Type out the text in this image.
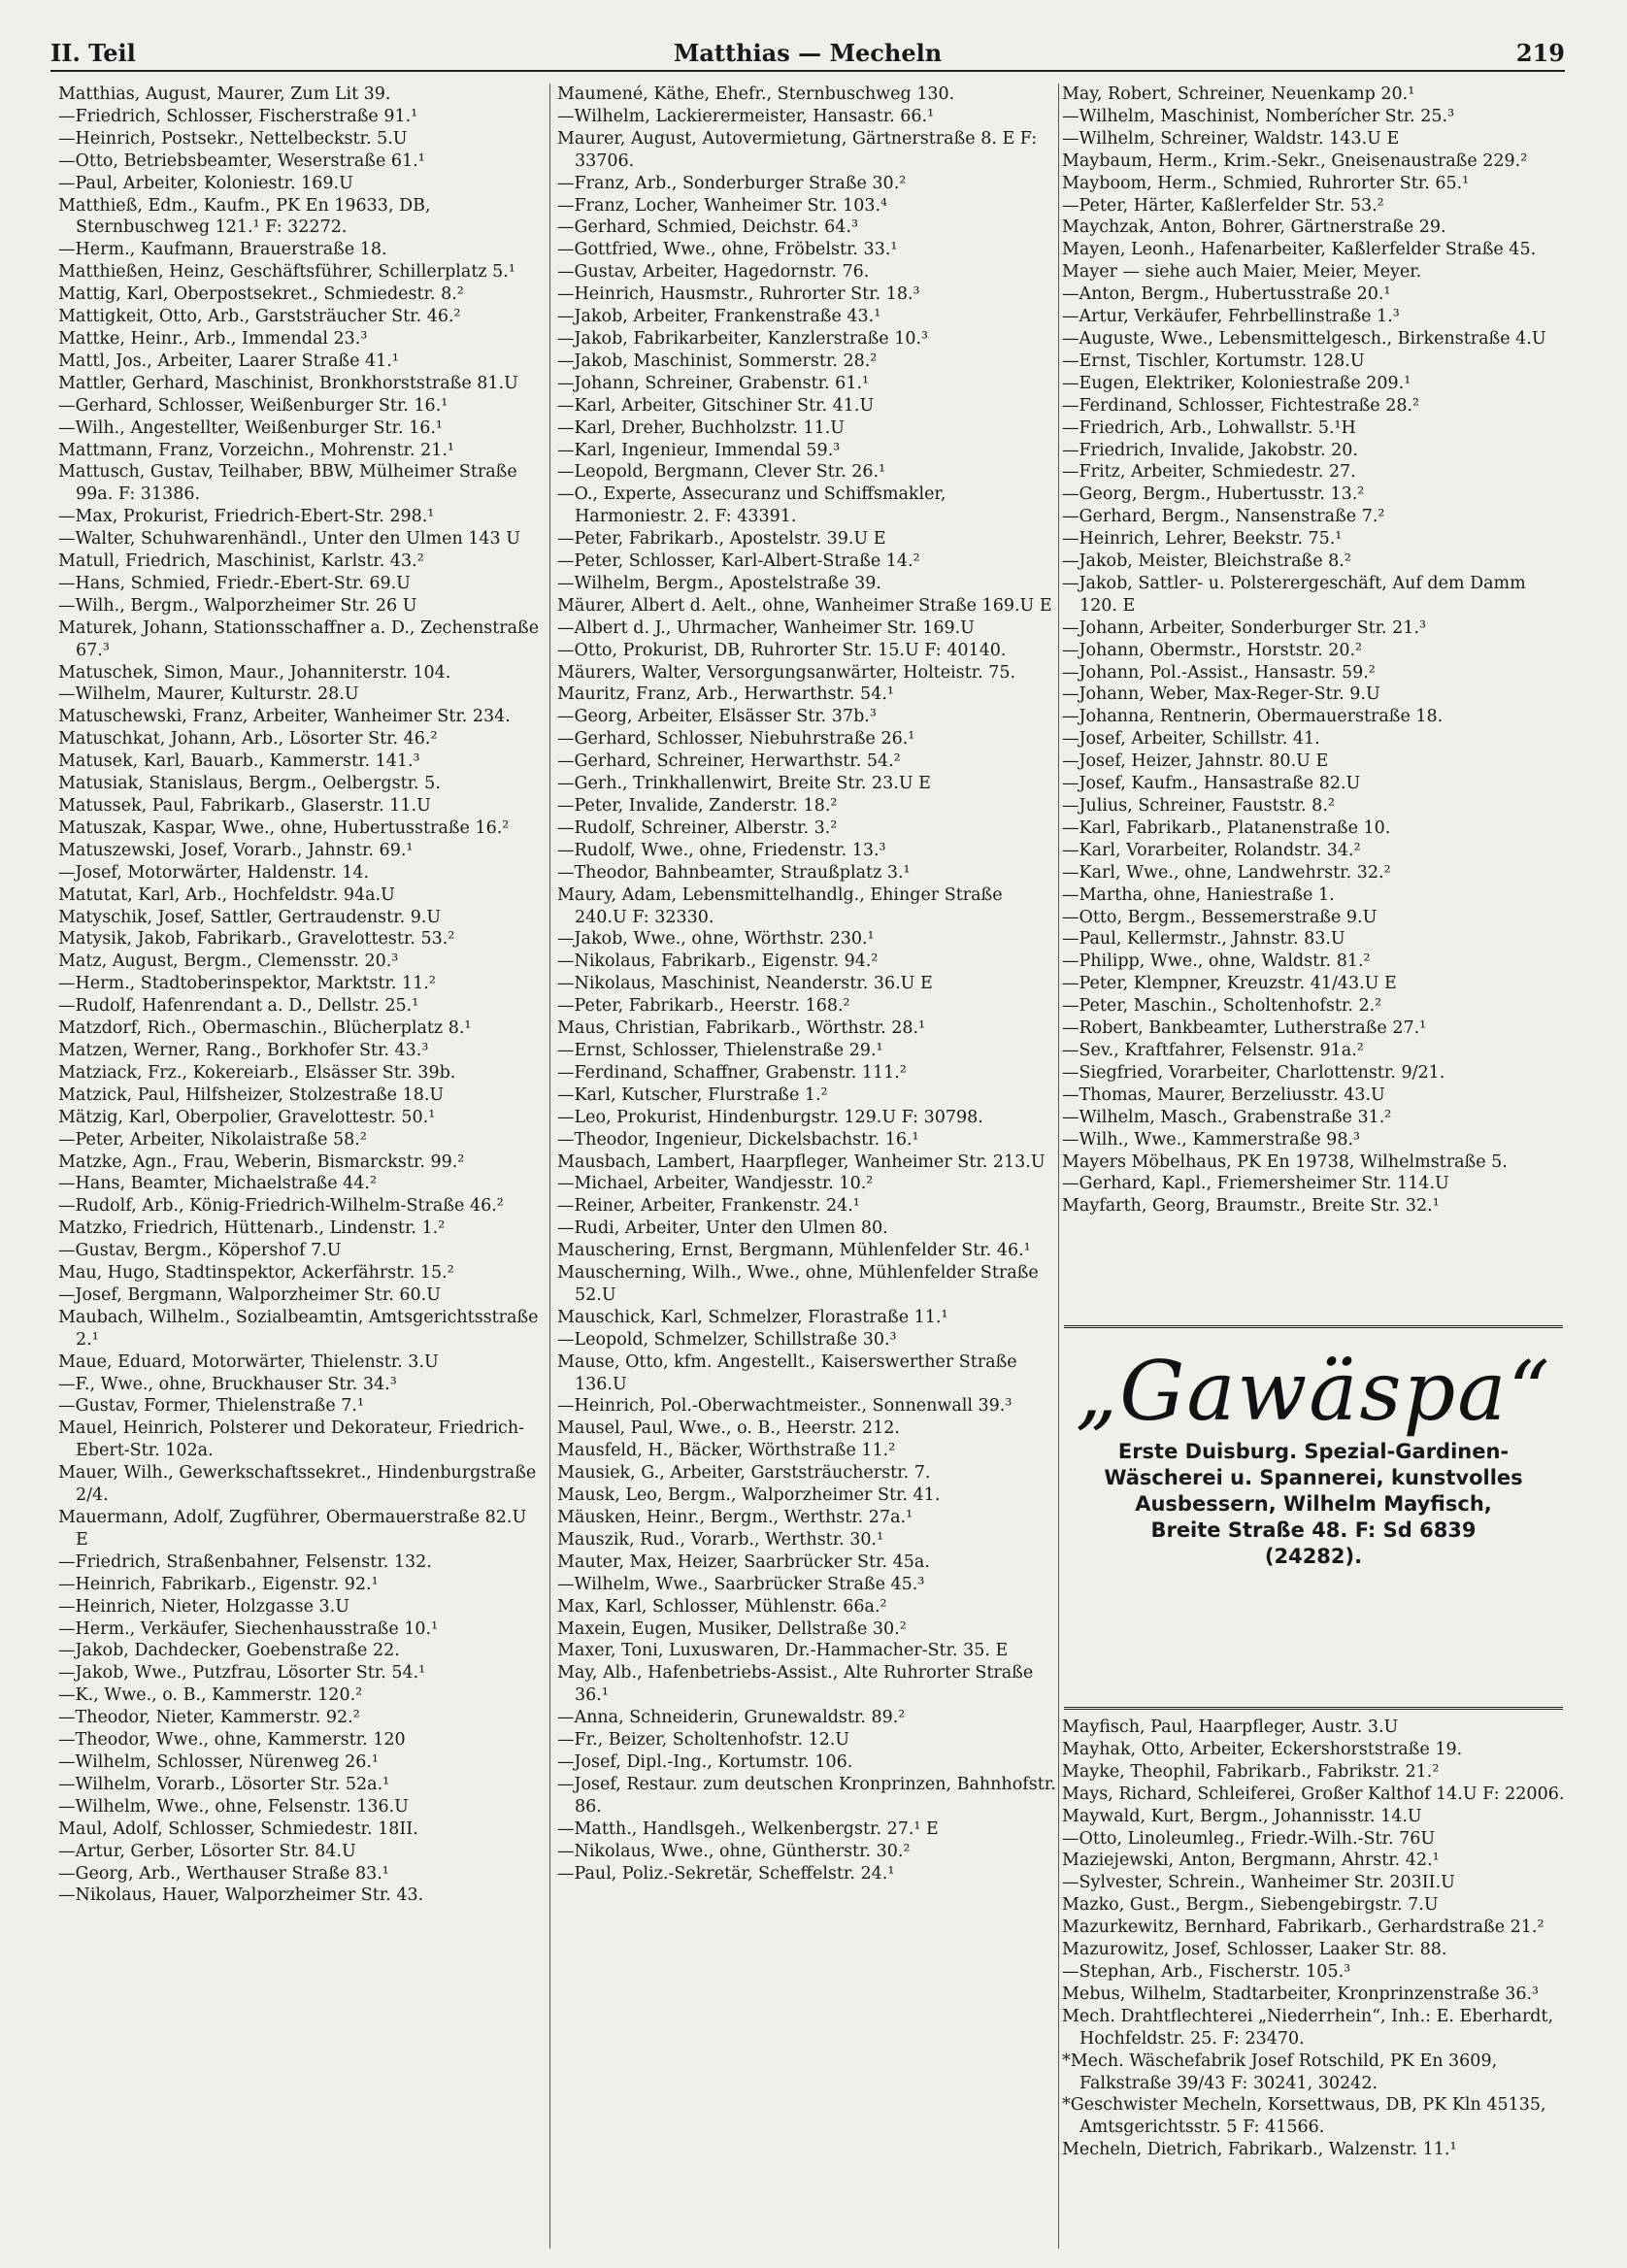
II. Teil	Matthias — Mecheln	219

Matthias, August, Maurer, Zum Lit 39.

—Friedrich, Schlosser, Fischerstraße 91.¹

—Heinrich, Postsekr., Nettelbeckstr. 5.U

—Otto, Betriebsbeamter, Weserstraße 61.¹

—Paul, Arbeiter, Koloniestr. 169.U

Matthieß, Edm., Kaufm., PK En 19633, DB, Sternbuschweg 121.¹ F: 32272.

—Herm., Kaufmann, Brauerstraße 18.

Matthießen, Heinz, Geschäftsführer, Schillerplatz 5.¹

Mattig, Karl, Oberpostsekret., Schmiedestr. 8.²

Mattigkeit, Otto, Arb., Garststräucher Str. 46.²

Mattke, Heinr., Arb., Immendal 23.³

Mattl, Jos., Arbeiter, Laarer Straße 41.¹

Mattler, Gerhard, Maschinist, Bronkhorststraße 81.U

—Gerhard, Schlosser, Weißenburger Str. 16.¹

—Wilh., Angestellter, Weißenburger Str. 16.¹

Mattmann, Franz, Vorzeichn., Mohrenstr. 21.¹

Mattusch, Gustav, Teilhaber, BBW, Mülheimer Straße 99a. F: 31386.

—Max, Prokurist, Friedrich-Ebert-Str. 298.¹

—Walter, Schuhwarenhändl., Unter den Ulmen 143 U

Matull, Friedrich, Maschinist, Karlstr. 43.²

—Hans, Schmied, Friedr.-Ebert-Str. 69.U

—Wilh., Bergm., Walporzheimer Str. 26 U

Maturek, Johann, Stationsschaffner a. D., Zechenstraße 67.³

Matuschek, Simon, Maur., Johanniterstr. 104.

—Wilhelm, Maurer, Kulturstr. 28.U

Matuschewski, Franz, Arbeiter, Wanheimer Str. 234.

Matuschkat, Johann, Arb., Lösorter Str. 46.²

Matusek, Karl, Bauarb., Kammerstr. 141.³

Matusiak, Stanislaus, Bergm., Oelbergstr. 5.

Matussek, Paul, Fabrikarb., Glaserstr. 11.U

Matuszak, Kaspar, Wwe., ohne, Hubertusstraße 16.²

Matuszewski, Josef, Vorarb., Jahnstr. 69.¹

—Josef, Motorwärter, Haldenstr. 14.

Matutat, Karl, Arb., Hochfeldstr. 94a.U

Matyschik, Josef, Sattler, Gertraudenstr. 9.U

Matysik, Jakob, Fabrikarb., Gravelottestr. 53.²

Matz, August, Bergm., Clemensstr. 20.³

—Herm., Stadtoberinspektor, Marktstr. 11.²

—Rudolf, Hafenrendant a. D., Dellstr. 25.¹

Matzdorf, Rich., Obermaschin., Blücherplatz 8.¹

Matzen, Werner, Rang., Borkhofer Str. 43.³

Matziack, Frz., Kokereiarb., Elsässer Str. 39b.

Matzick, Paul, Hilfsheizer, Stolzestraße 18.U

Mätzig, Karl, Oberpolier, Gravelottestr. 50.¹

—Peter, Arbeiter, Nikolaistraße 58.²

Matzke, Agn., Frau, Weberin, Bismarckstr. 99.²

—Hans, Beamter, Michaelstraße 44.²

—Rudolf, Arb., König-Friedrich-Wilhelm-Straße 46.²

Matzko, Friedrich, Hüttenarb., Lindenstr. 1.²

—Gustav, Bergm., Köpershof 7.U

Mau, Hugo, Stadtinspektor, Ackerfährstr. 15.²

—Josef, Bergmann, Walporzheimer Str. 60.U

Maubach, Wilhelm., Sozialbeamtin, Amtsgerichtsstraße 2.¹

Maue, Eduard, Motorwärter, Thielenstr. 3.U

—F., Wwe., ohne, Bruckhauser Str. 34.³

—Gustav, Former, Thielenstraße 7.¹

Mauel, Heinrich, Polsterer und Dekorateur, Friedrich-Ebert-Str. 102a.

Mauer, Wilh., Gewerkschaftssekret., Hindenburgstraße 2/4.

Mauermann, Adolf, Zugführer, Obermauerstraße 82.U E

—Friedrich, Straßenbahner, Felsenstr. 132.

—Heinrich, Fabrikarb., Eigenstr. 92.¹

—Heinrich, Nieter, Holzgasse 3.U

—Herm., Verkäufer, Siechenhausstraße 10.¹

—Jakob, Dachdecker, Goebenstraße 22.

—Jakob, Wwe., Putzfrau, Lösorter Str. 54.¹

—K., Wwe., o. B., Kammerstr. 120.²

—Theodor, Nieter, Kammerstr. 92.²

—Theodor, Wwe., ohne, Kammerstr. 120

—Wilhelm, Schlosser, Nürenweg 26.¹

—Wilhelm, Vorarb., Lösorter Str. 52a.¹

—Wilhelm, Wwe., ohne, Felsenstr. 136.U

Maul, Adolf, Schlosser, Schmiedestr. 18II.

—Artur, Gerber, Lösorter Str. 84.U

—Georg, Arb., Werthauser Straße 83.¹

—Nikolaus, Hauer, Walporzheimer Str. 43.

Maumené, Käthe, Ehefr., Sternbuschweg 130.

—Wilhelm, Lackierermeister, Hansastr. 66.¹

Maurer, August, Autovermietung, Gärtnerstraße 8. E F: 33706.

—Franz, Arb., Sonderburger Straße 30.²

—Franz, Locher, Wanheimer Str. 103.⁴

—Gerhard, Schmied, Deichstr. 64.³

—Gottfried, Wwe., ohne, Fröbelstr. 33.¹

—Gustav, Arbeiter, Hagedornstr. 76.

—Heinrich, Hausmstr., Ruhrorter Str. 18.³

—Jakob, Arbeiter, Frankenstraße 43.¹

—Jakob, Fabrikarbeiter, Kanzlerstraße 10.³

—Jakob, Maschinist, Sommerstr. 28.²

—Johann, Schreiner, Grabenstr. 61.¹

—Karl, Arbeiter, Gitschiner Str. 41.U

—Karl, Dreher, Buchholzstr. 11.U

—Karl, Ingenieur, Immendal 59.³

—Leopold, Bergmann, Clever Str. 26.¹

—O., Experte, Assecuranz und Schiffsmakler, Harmoniestr. 2. F: 43391.

—Peter, Fabrikarb., Apostelstr. 39.U E

—Peter, Schlosser, Karl-Albert-Straße 14.²

—Wilhelm, Bergm., Apostelstraße 39.

Mäurer, Albert d. Aelt., ohne, Wanheimer Straße 169.U E

—Albert d. J., Uhrmacher, Wanheimer Str. 169.U

—Otto, Prokurist, DB, Ruhrorter Str. 15.U F: 40140.

Mäurers, Walter, Versorgungsanwärter, Holteistr. 75.

Mauritz, Franz, Arb., Herwarthstr. 54.¹

—Georg, Arbeiter, Elsässer Str. 37b.³

—Gerhard, Schlosser, Niebuhrstraße 26.¹

—Gerhard, Schreiner, Herwarthstr. 54.²

—Gerh., Trinkhallenwirt, Breite Str. 23.U E

—Peter, Invalide, Zanderstr. 18.²

—Rudolf, Schreiner, Alberstr. 3.²

—Rudolf, Wwe., ohne, Friedenstr. 13.³

—Theodor, Bahnbeamter, Straußplatz 3.¹

Maury, Adam, Lebensmittelhandlg., Ehinger Straße 240.U F: 32330.

—Jakob, Wwe., ohne, Wörthstr. 230.¹

—Nikolaus, Fabrikarb., Eigenstr. 94.²

—Nikolaus, Maschinist, Neanderstr. 36.U E

—Peter, Fabrikarb., Heerstr. 168.²

Maus, Christian, Fabrikarb., Wörthstr. 28.¹

—Ernst, Schlosser, Thielenstraße 29.¹

—Ferdinand, Schaffner, Grabenstr. 111.²

—Karl, Kutscher, Flurstraße 1.²

—Leo, Prokurist, Hindenburgstr. 129.U F: 30798.

—Theodor, Ingenieur, Dickelsbachstr. 16.¹

Mausbach, Lambert, Haarpfleger, Wanheimer Str. 213.U

—Michael, Arbeiter, Wandjesstr. 10.²

—Reiner, Arbeiter, Frankenstr. 24.¹

—Rudi, Arbeiter, Unter den Ulmen 80.

Mauschering, Ernst, Bergmann, Mühlenfelder Str. 46.¹

Mauscherning, Wilh., Wwe., ohne, Mühlenfelder Straße 52.U

Mauschick, Karl, Schmelzer, Florastraße 11.¹

—Leopold, Schmelzer, Schillstraße 30.³

Mause, Otto, kfm. Angestellt., Kaiserswerther Straße 136.U

—Heinrich, Pol.-Oberwachtmeister., Sonnenwall 39.³

Mausel, Paul, Wwe., o. B., Heerstr. 212.

Mausfeld, H., Bäcker, Wörthstraße 11.²

Mausiek, G., Arbeiter, Garststräucherstr. 7.

Mausk, Leo, Bergm., Walporzheimer Str. 41.

Mäusken, Heinr., Bergm., Werthstr. 27a.¹

Mauszik, Rud., Vorarb., Werthstr. 30.¹

Mauter, Max, Heizer, Saarbrücker Str. 45a.

—Wilhelm, Wwe., Saarbrücker Straße 45.³

Max, Karl, Schlosser, Mühlenstr. 66a.²

Maxein, Eugen, Musiker, Dellstraße 30.²

Maxer, Toni, Luxuswaren, Dr.-Hammacher-Str. 35. E

May, Alb., Hafenbetriebs-Assist., Alte Ruhrorter Straße 36.¹

—Anna, Schneiderin, Grunewaldstr. 89.²

—Fr., Beizer, Scholtenhofstr. 12.U

—Josef, Dipl.-Ing., Kortumstr. 106.

—Josef, Restaur. zum deutschen Kronprinzen, Bahnhofstr. 86.

—Matth., Handlsgeh., Welkenbergstr. 27.¹ E

—Nikolaus, Wwe., ohne, Güntherstr. 30.²

—Paul, Poliz.-Sekretär, Scheffelstr. 24.¹

May, Robert, Schreiner, Neuenkamp 20.¹

—Wilhelm, Maschinist, Nomberícher Str. 25.³

—Wilhelm, Schreiner, Waldstr. 143.U E

Maybaum, Herm., Krim.-Sekr., Gneisenaustraße 229.²

Mayboom, Herm., Schmied, Ruhrorter Str. 65.¹

—Peter, Härter, Kaßlerfelder Str. 53.²

Maychzak, Anton, Bohrer, Gärtnerstraße 29.

Mayen, Leonh., Hafenarbeiter, Kaßlerfelder Straße 45.

Mayer — siehe auch Maier, Meier, Meyer.

—Anton, Bergm., Hubertusstraße 20.¹

—Artur, Verkäufer, Fehrbellinstraße 1.³

—Auguste, Wwe., Lebensmittelgesch., Birkenstraße 4.U

—Ernst, Tischler, Kortumstr. 128.U

—Eugen, Elektriker, Koloniestraße 209.¹

—Ferdinand, Schlosser, Fichtestraße 28.²

—Friedrich, Arb., Lohwallstr. 5.¹H

—Friedrich, Invalide, Jakobstr. 20.

—Fritz, Arbeiter, Schmiedestr. 27.

—Georg, Bergm., Hubertusstr. 13.²

—Gerhard, Bergm., Nansenstraße 7.²

—Heinrich, Lehrer, Beekstr. 75.¹

—Jakob, Meister, Bleichstraße 8.²

—Jakob, Sattler- u. Polsterergeschäft, Auf dem Damm 120. E

—Johann, Arbeiter, Sonderburger Str. 21.³

—Johann, Obermstr., Horststr. 20.²

—Johann, Pol.-Assist., Hansastr. 59.²

—Johann, Weber, Max-Reger-Str. 9.U

—Johanna, Rentnerin, Obermauerstraße 18.

—Josef, Arbeiter, Schillstr. 41.

—Josef, Heizer, Jahnstr. 80.U E

—Josef, Kaufm., Hansastraße 82.U

—Julius, Schreiner, Fauststr. 8.²

—Karl, Fabrikarb., Platanenstraße 10.

—Karl, Vorarbeiter, Rolandstr. 34.²

—Karl, Wwe., ohne, Landwehrstr. 32.²

—Martha, ohne, Haniestraße 1.

—Otto, Bergm., Bessemerstraße 9.U

—Paul, Kellermstr., Jahnstr. 83.U

—Philipp, Wwe., ohne, Waldstr. 81.²

—Peter, Klempner, Kreuzstr. 41/43.U E

—Peter, Maschin., Scholtenhofstr. 2.²

—Robert, Bankbeamter, Lutherstraße 27.¹

—Sev., Kraftfahrer, Felsenstr. 91a.²

—Siegfried, Vorarbeiter, Charlottenstr. 9/21.

—Thomas, Maurer, Berzeliusstr. 43.U

—Wilhelm, Masch., Grabenstraße 31.²

—Wilh., Wwe., Kammerstraße 98.³

Mayers Möbelhaus, PK En 19738, Wilhelmstraße 5.

—Gerhard, Kapl., Friemersheimer Str. 114.U

Mayfarth, Georg, Braumstr., Breite Str. 32.¹

„Gawäspa“
Erste Duisburg. Spezial-Gardinen-
Wäscherei u. Spannerei, kunstvolles
Ausbessern, Wilhelm Mayfisch,
Breite Straße 48. F: Sd 6839
(24282).

Mayfisch, Paul, Haarpfleger, Austr. 3.U

Mayhak, Otto, Arbeiter, Eckershorststraße 19.

Mayke, Theophil, Fabrikarb., Fabrikstr. 21.²

Mays, Richard, Schleiferei, Großer Kalthof 14.U F: 22006.

Maywald, Kurt, Bergm., Johannisstr. 14.U

—Otto, Linoleumleg., Friedr.-Wilh.-Str. 76U

Maziejewski, Anton, Bergmann, Ahrstr. 42.¹

—Sylvester, Schrein., Wanheimer Str. 203II.U

Mazko, Gust., Bergm., Siebengebirgstr. 7.U

Mazurkewitz, Bernhard, Fabrikarb., Gerhardstraße 21.²

Mazurowitz, Josef, Schlosser, Laaker Str. 88.

—Stephan, Arb., Fischerstr. 105.³

Mebus, Wilhelm, Stadtarbeiter, Kronprinzenstraße 36.³

Mech. Drahtflechterei „Niederrhein“, Inh.: E. Eberhardt, Hochfeldstr. 25. F: 23470.

*Mech. Wäschefabrik Josef Rotschild, PK En 3609, Falkstraße 39/43 F: 30241, 30242.

*Geschwister Mecheln, Korsettwaus, DB, PK Kln 45135, Amtsgerichtsstr. 5 F: 41566.

Mecheln, Dietrich, Fabrikarb., Walzenstr. 11.¹
